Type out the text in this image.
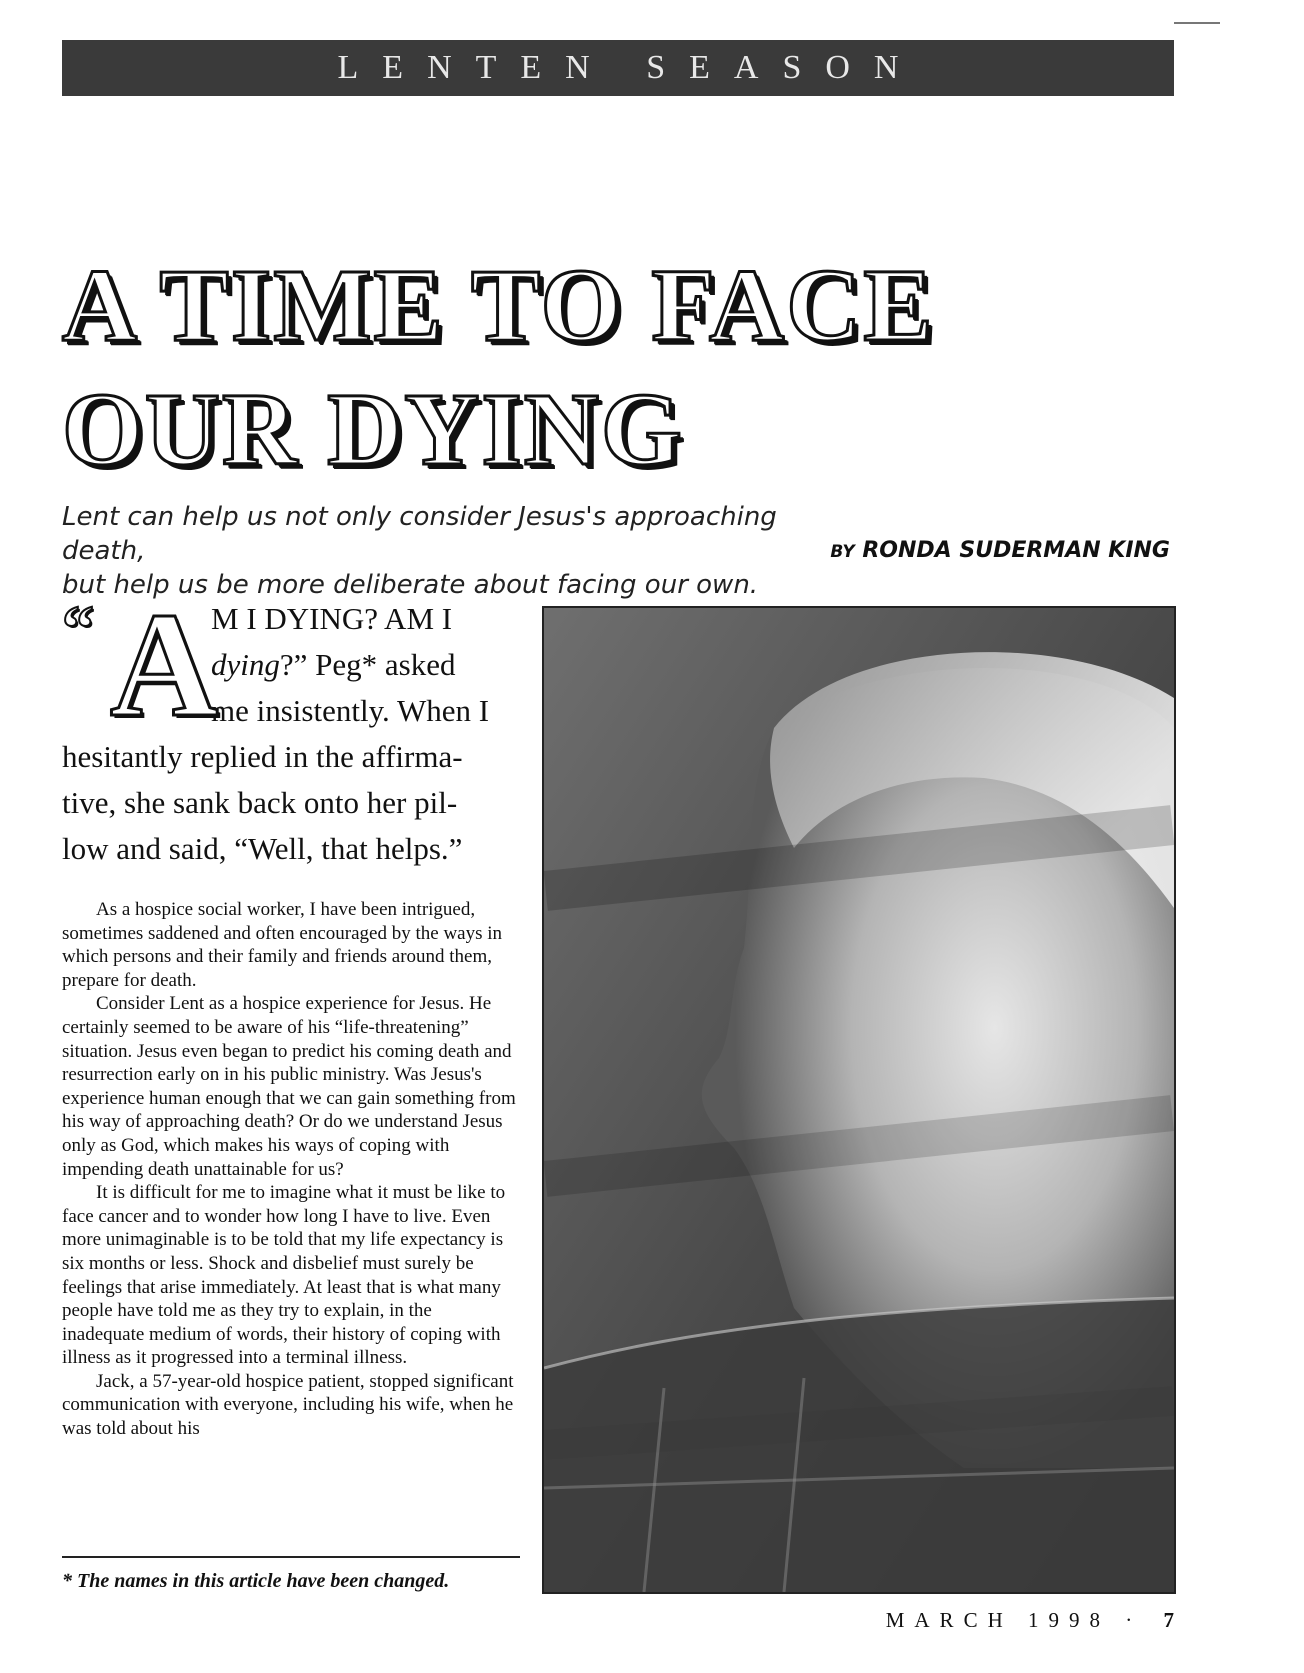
LENTEN SEASON
A TIME TO FACE
OUR DYING

Lent can help us not only consider Jesus's approaching death,
but help us be more deliberate about facing our own.

BY RONDA SUDERMAN KING
M I DYING? AM I
dying?” Peg* asked
me insistently. When I
hesitantly replied in the affirma-
tive, she sank back onto her pil-
low and said, “Well, that helps.”
“ A

As a hospice social worker, I have been intrigued, sometimes saddened and often encouraged by the ways in which persons and their family and friends around them, prepare for death.

Consider Lent as a hospice experience for Jesus. He certainly seemed to be aware of his “life-threatening” situation. Jesus even began to predict his coming death and resurrection early on in his public ministry. Was Jesus's experience human enough that we can gain something from his way of approaching death? Or do we understand Jesus only as God, which makes his ways of coping with impending death unattainable for us?

It is difficult for me to imagine what it must be like to face cancer and to wonder how long I have to live. Even more unimaginable is to be told that my life expectancy is six months or less. Shock and disbelief must surely be feelings that arise immediately. At least that is what many people have told me as they try to explain, in the inadequate medium of words, their history of coping with illness as it progressed into a terminal illness.

Jack, a 57-year-old hospice patient, stopped significant communication with everyone, including his wife, when he was told about his

* The names in this article have been changed.
MARCH 1998 · 7
